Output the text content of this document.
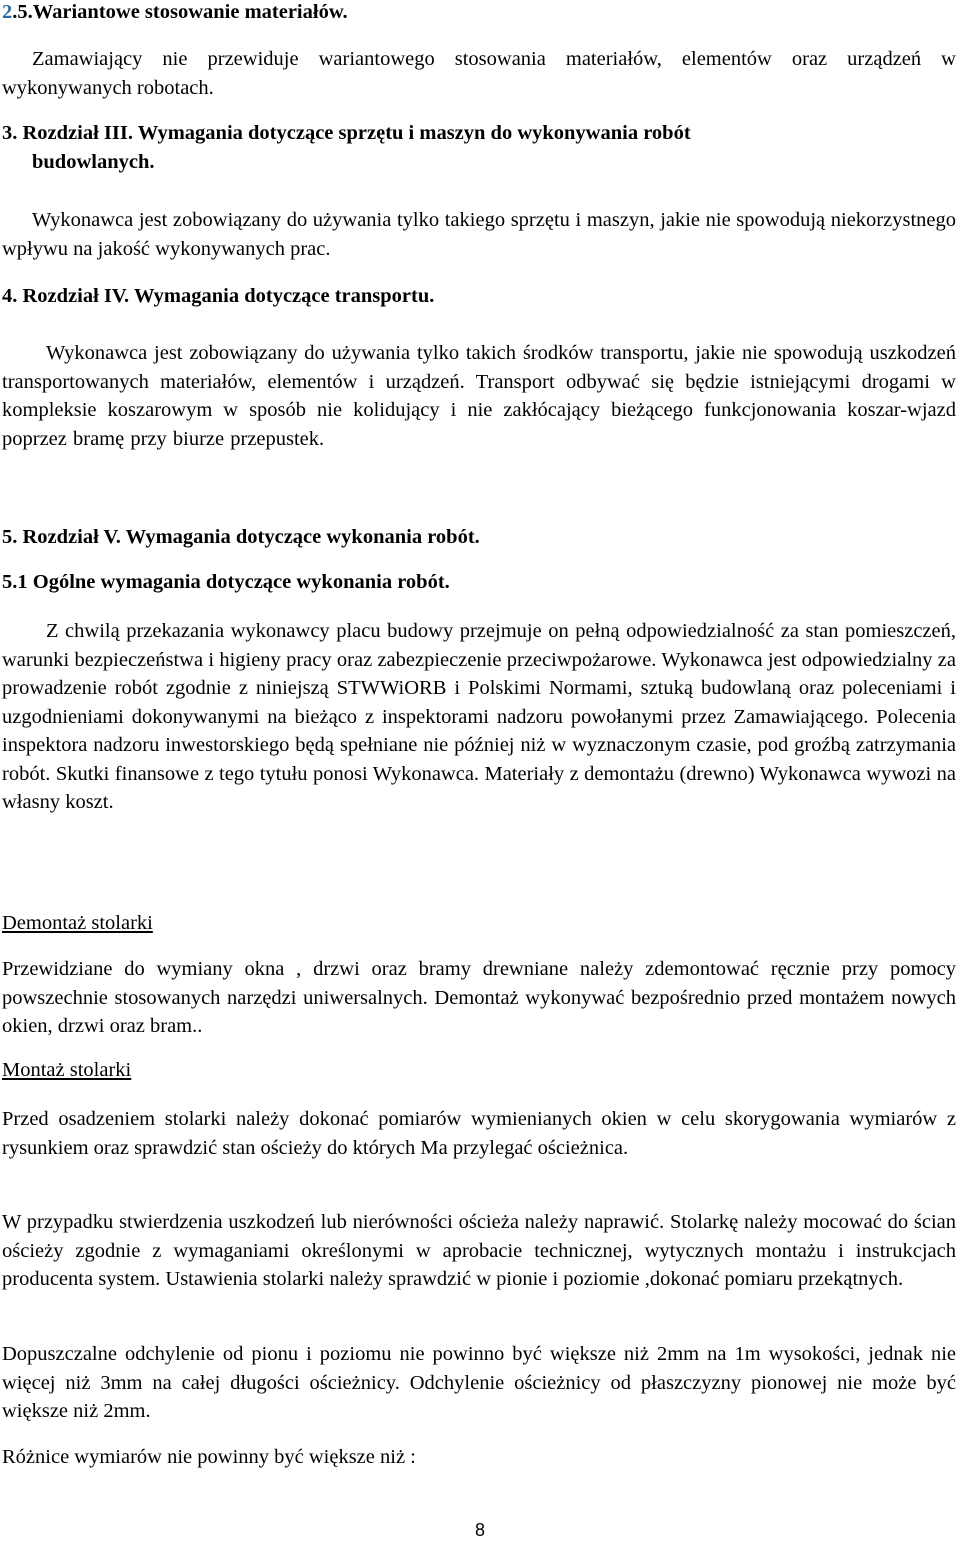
2.5.Wariantowe stosowanie materiałów.
Zamawiający nie przewiduje wariantowego stosowania materiałów, elementów oraz urządzeń w wykonywanych robotach.
3. Rozdział III. Wymagania dotyczące sprzętu i maszyn do wykonywania robót
budowlanych.
Wykonawca jest zobowiązany do używania tylko takiego sprzętu i maszyn, jakie nie spowodują niekorzystnego wpływu na jakość wykonywanych prac.
4. Rozdział IV. Wymagania dotyczące transportu.
Wykonawca jest zobowiązany do używania tylko takich środków transportu, jakie nie spowodują uszkodzeń transportowanych materiałów, elementów i urządzeń. Transport odbywać się będzie istniejącymi drogami w kompleksie koszarowym w sposób nie kolidujący i nie zakłócający bieżącego funkcjonowania koszar-wjazd poprzez bramę przy biurze przepustek.
5. Rozdział V. Wymagania dotyczące wykonania robót.
5.1 Ogólne wymagania dotyczące wykonania robót.
Z chwilą przekazania wykonawcy placu budowy przejmuje on pełną odpowiedzialność za stan pomieszczeń, warunki bezpieczeństwa i higieny pracy oraz zabezpieczenie przeciwpożarowe. Wykonawca jest odpowiedzialny za prowadzenie robót zgodnie z niniejszą STWWiORB i Polskimi Normami, sztuką budowlaną oraz poleceniami i uzgodnieniami dokonywanymi na bieżąco z inspektorami nadzoru powołanymi przez Zamawiającego. Polecenia inspektora nadzoru inwestorskiego będą spełniane nie później niż w wyznaczonym czasie, pod groźbą zatrzymania robót. Skutki finansowe z tego tytułu ponosi Wykonawca. Materiały z demontażu (drewno) Wykonawca wywozi na własny koszt.
Demontaż stolarki
Przewidziane do wymiany okna , drzwi oraz bramy drewniane należy zdemontować ręcznie przy pomocy powszechnie stosowanych narzędzi uniwersalnych. Demontaż wykonywać bezpośrednio przed montażem nowych okien, drzwi oraz bram..
Montaż stolarki
Przed osadzeniem stolarki należy dokonać pomiarów wymienianych okien w celu skorygowania wymiarów z rysunkiem oraz sprawdzić stan ościeży do których Ma przylegać ościeżnica.
W przypadku stwierdzenia uszkodzeń lub nierówności ościeża należy naprawić. Stolarkę należy mocować do ścian ościeży zgodnie z wymaganiami określonymi w aprobacie technicznej, wytycznych montażu i instrukcjach producenta system. Ustawienia stolarki należy sprawdzić w pionie i poziomie ,dokonać pomiaru przekątnych.
Dopuszczalne odchylenie od pionu i poziomu nie powinno być większe niż 2mm na 1m wysokości, jednak nie więcej niż 3mm na całej długości ościeżnicy. Odchylenie ościeżnicy od płaszczyzny pionowej nie może być większe niż 2mm.
Różnice wymiarów nie powinny być większe niż :
8
